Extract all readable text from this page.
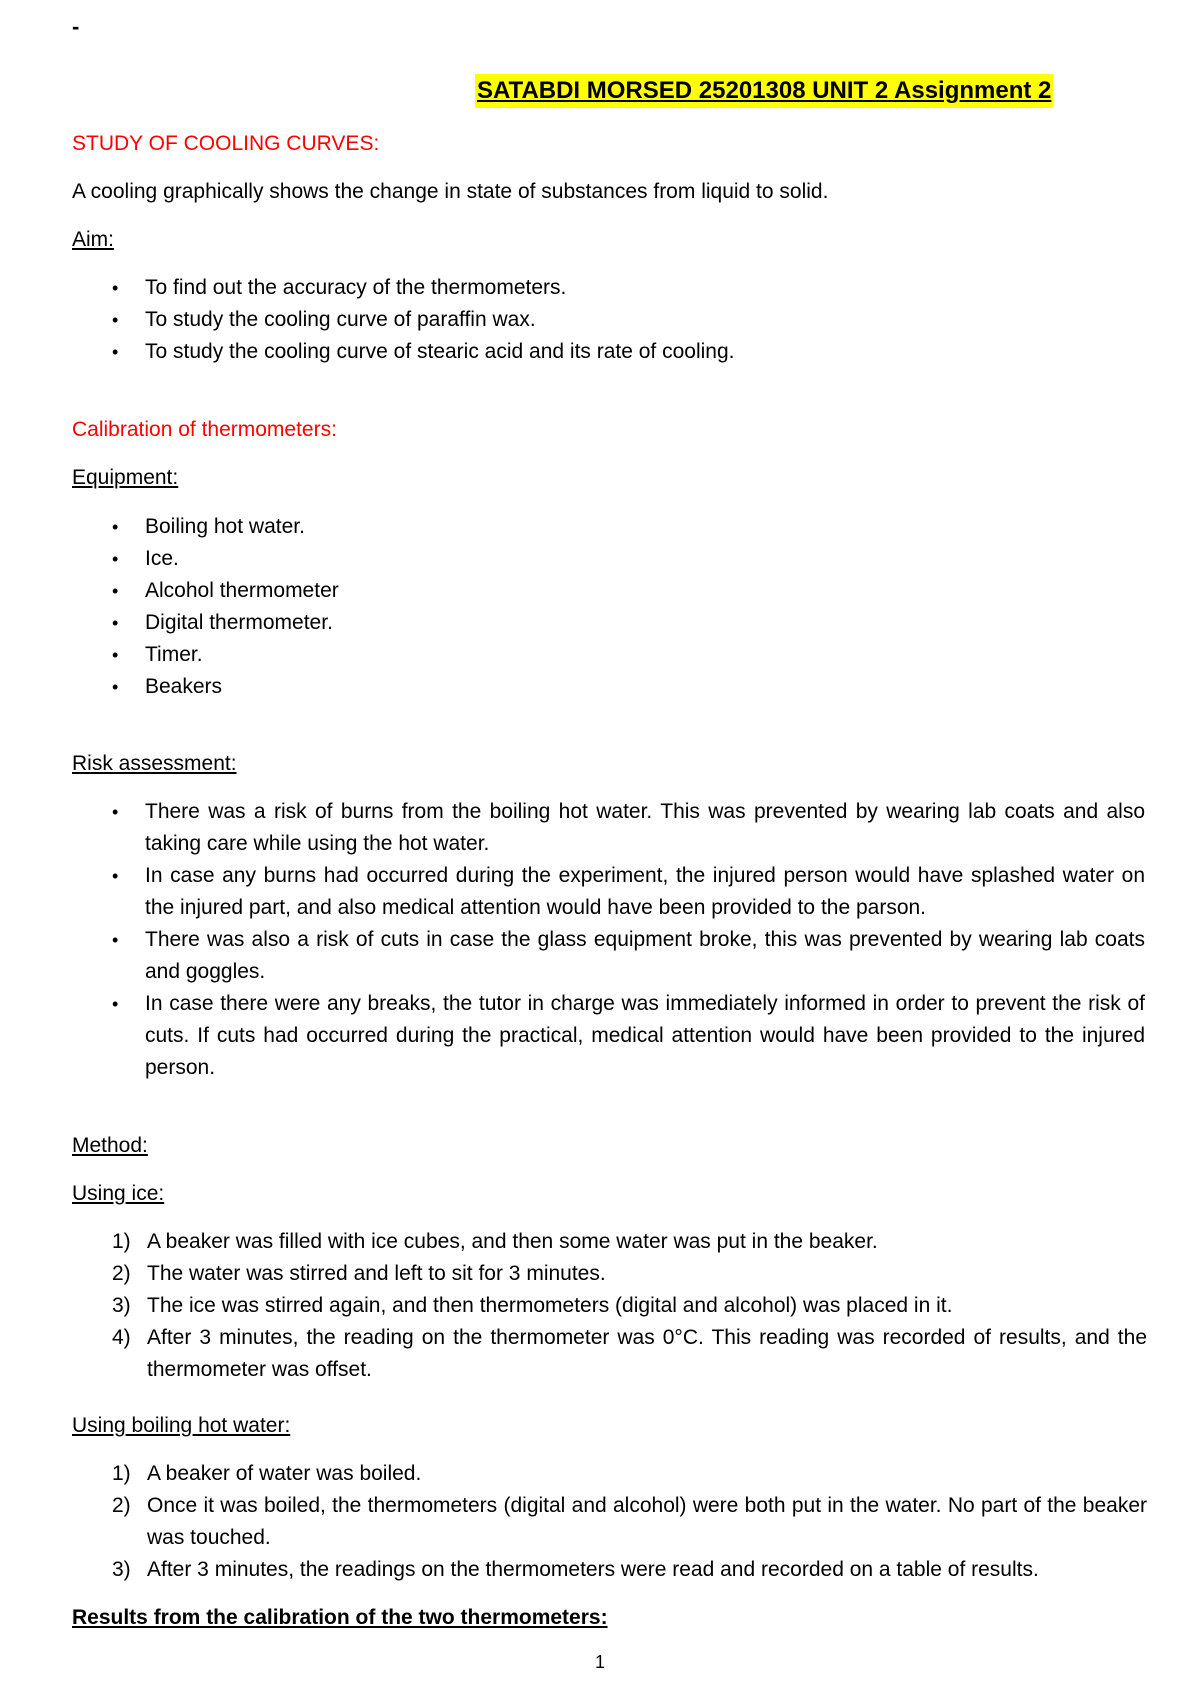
-
SATABDI MORSED 25201308 UNIT 2 Assignment 2
STUDY OF COOLING CURVES:
A cooling graphically shows the change in state of substances from liquid to solid.
Aim:
• To find out the accuracy of the thermometers.
• To study the cooling curve of paraffin wax.
• To study the cooling curve of stearic acid and its rate of cooling.
Calibration of thermometers:
Equipment:
• Boiling hot water.
• Ice.
• Alcohol thermometer
• Digital thermometer.
• Timer.
• Beakers
Risk assessment:
• There was a risk of burns from the boiling hot water. This was prevented by wearing lab coats and also taking care while using the hot water.
• In case any burns had occurred during the experiment, the injured person would have splashed water on the injured part, and also medical attention would have been provided to the parson.
• There was also a risk of cuts in case the glass equipment broke, this was prevented by wearing lab coats and goggles.
• In case there were any breaks, the tutor in charge was immediately informed in order to prevent the risk of cuts. If cuts had occurred during the practical, medical attention would have been provided to the injured person.
Method:
Using ice:
1) A beaker was filled with ice cubes, and then some water was put in the beaker.
2) The water was stirred and left to sit for 3 minutes.
3) The ice was stirred again, and then thermometers (digital and alcohol) was placed in it.
4) After 3 minutes, the reading on the thermometer was 0°C. This reading was recorded of results, and the thermometer was offset.
Using boiling hot water:
1) A beaker of water was boiled.
2) Once it was boiled, the thermometers (digital and alcohol) were both put in the water. No part of the beaker was touched.
3) After 3 minutes, the readings on the thermometers were read and recorded on a table of results.
Results from the calibration of the two thermometers:
1
